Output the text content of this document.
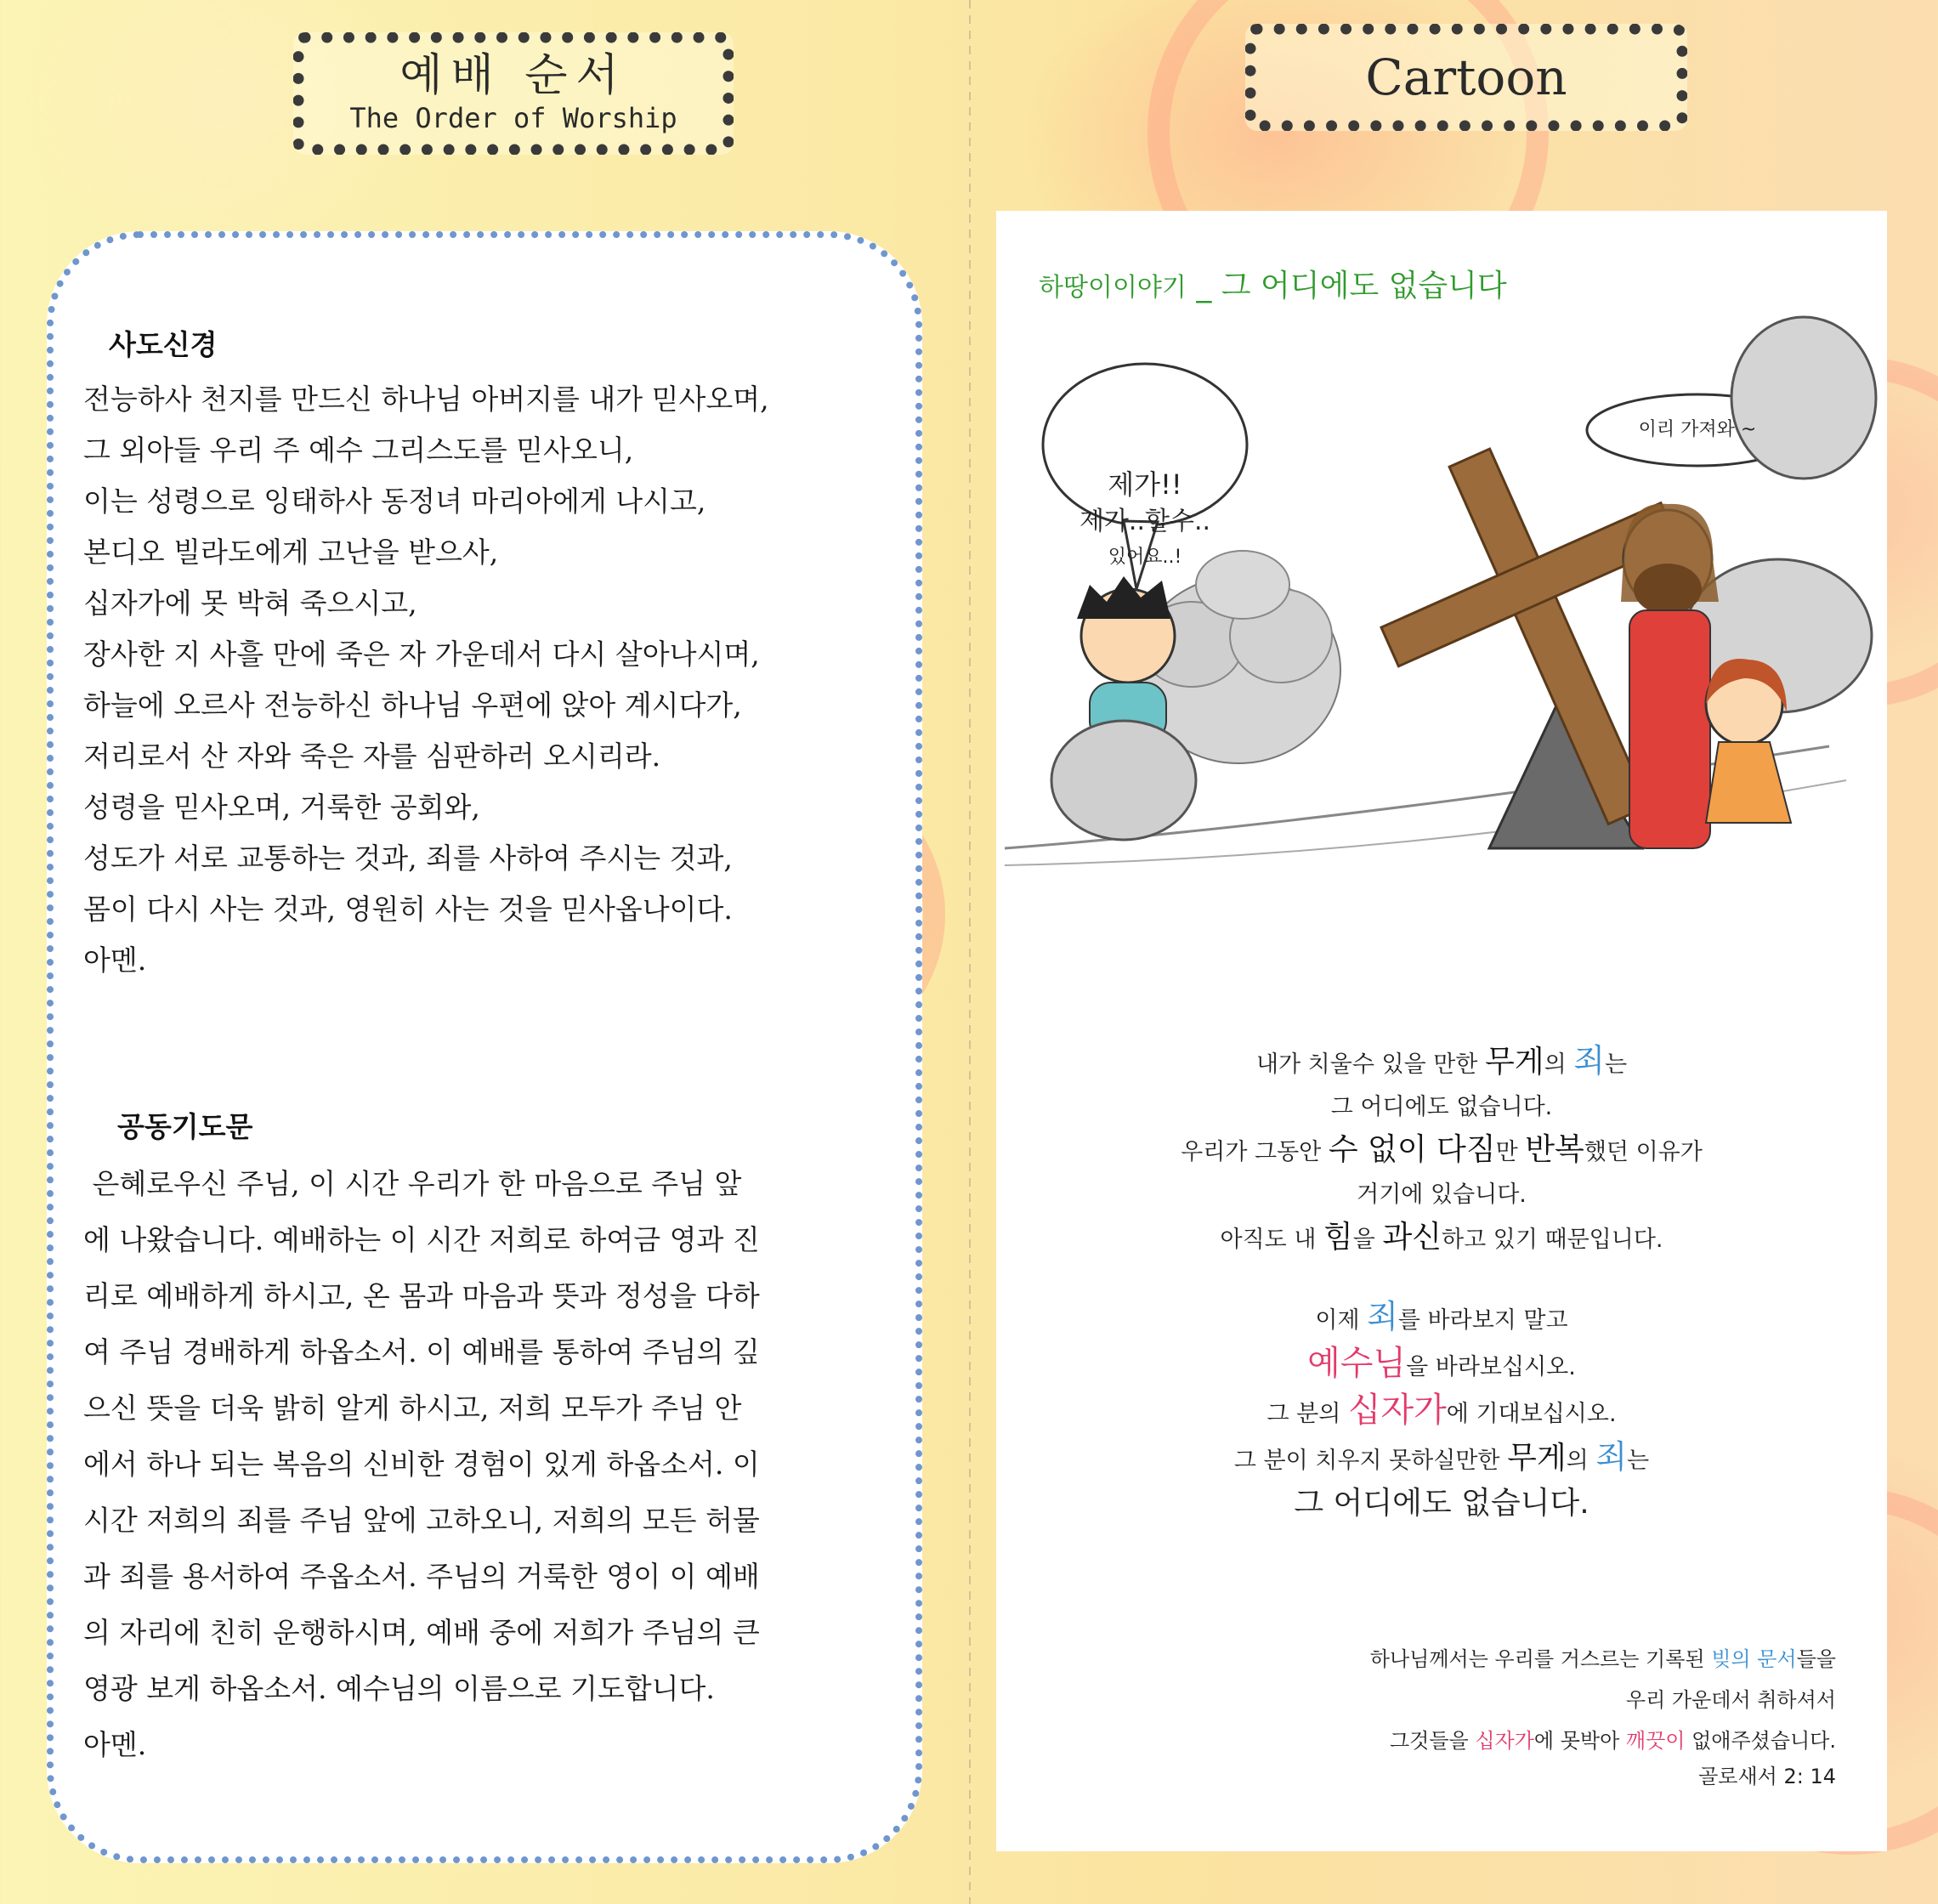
예배 순서
The Order of Worship
Cartoon
사도신경
전능하사 천지를 만드신 하나님 아버지를 내가 믿사오며,
그 외아들 우리 주 예수 그리스도를 믿사오니,
이는 성령으로 잉태하사 동정녀 마리아에게 나시고,
본디오 빌라도에게 고난을 받으사,
십자가에 못 박혀 죽으시고,
장사한 지 사흘 만에 죽은 자 가운데서 다시 살아나시며,
하늘에 오르사 전능하신 하나님 우편에 앉아 계시다가,
저리로서 산 자와 죽은 자를 심판하러 오시리라.
성령을 믿사오며, 거룩한 공회와,
성도가 서로 교통하는 것과, 죄를 사하여 주시는 것과,
몸이 다시 사는 것과, 영원히 사는 것을 믿사옵나이다.
아멘.
공동기도문
은혜로우신 주님, 이 시간 우리가 한 마음으로 주님 앞
에 나왔습니다. 예배하는 이 시간 저희로 하여금 영과 진
리로 예배하게 하시고, 온 몸과 마음과 뜻과 정성을 다하
여 주님 경배하게 하옵소서. 이 예배를 통하여 주님의 깊
으신 뜻을 더욱 밝히 알게 하시고, 저희 모두가 주님 안
에서 하나 되는 복음의 신비한 경험이 있게 하옵소서. 이
시간 저희의 죄를 주님 앞에 고하오니, 저희의 모든 허물
과 죄를 용서하여 주옵소서. 주님의 거룩한 영이 이 예배
의 자리에 친히 운행하시며, 예배 중에 저희가 주님의 큰
영광 보게 하옵소서. 예수님의 이름으로 기도합니다.
아멘.
하땅이이야기 _ 그 어디에도 없습니다
제가!!
제가..할수..
있어요..!
이리 가져와 ~
내가 치울수 있을 만한 무게의 죄는
그 어디에도 없습니다.
우리가 그동안 수 없이 다짐만 반복했던 이유가
거기에 있습니다.
아직도 내 힘을 과신하고 있기 때문입니다.
이제 죄를 바라보지 말고
예수님을 바라보십시오.
그 분의 십자가에 기대보십시오.
그 분이 치우지 못하실만한 무게의 죄는
그 어디에도 없습니다.
하나님께서는 우리를 거스르는 기록된 빚의 문서들을
우리 가운데서 취하셔서
그것들을 십자가에 못박아 깨끗이 없애주셨습니다.
골로새서 2: 14
